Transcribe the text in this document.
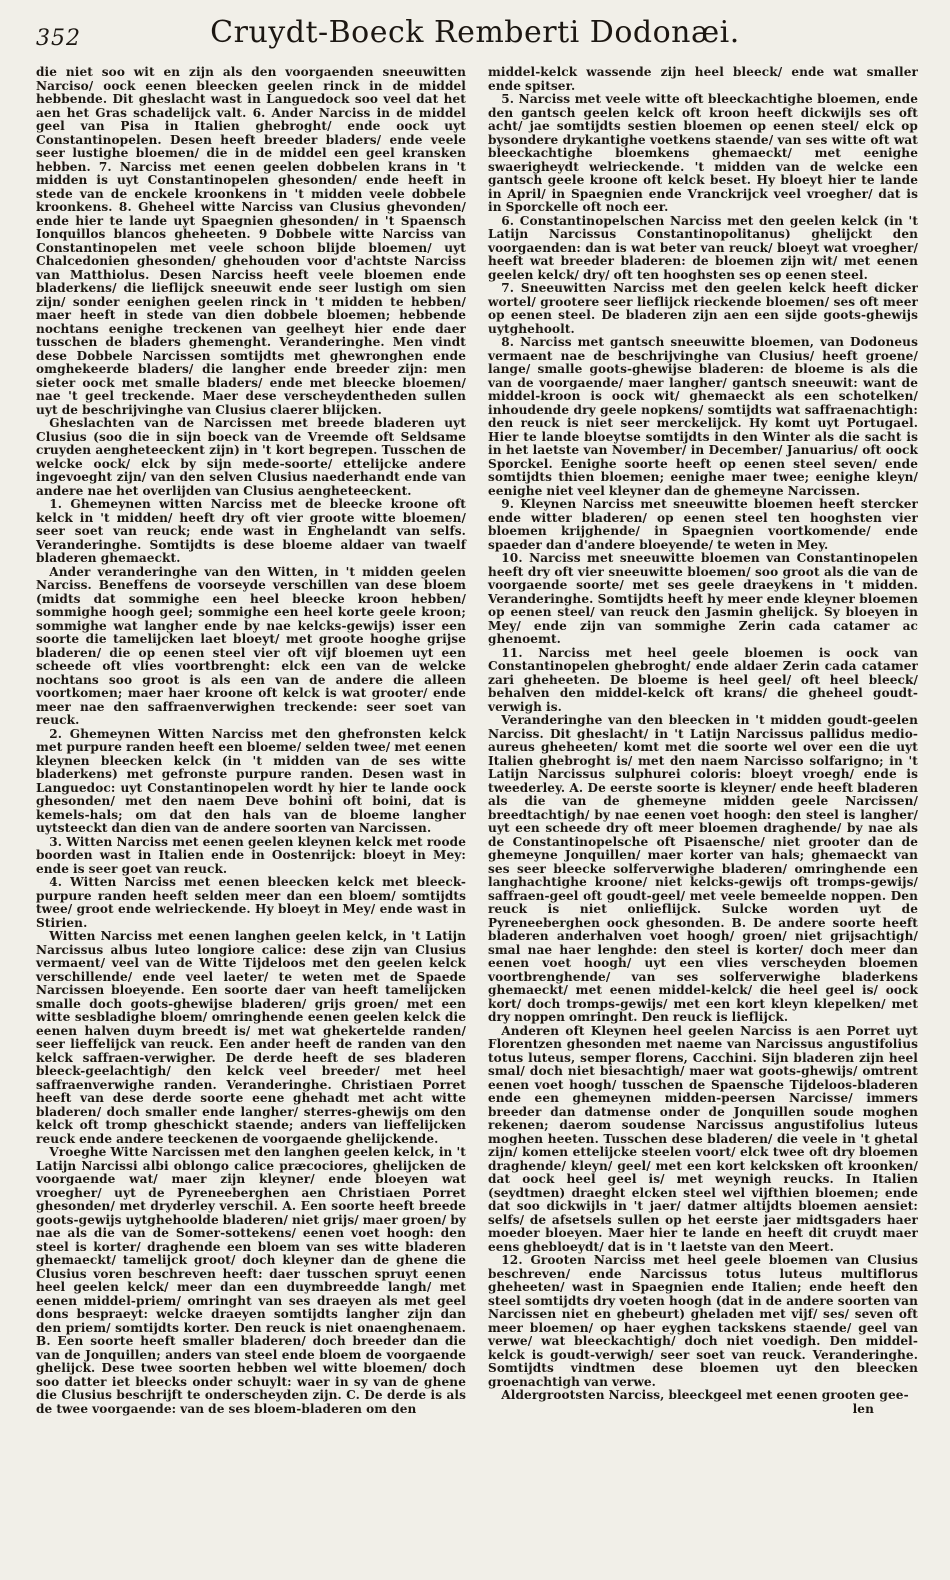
352	Cruydt-Boeck Remberti Dodonæi.

die niet soo wit en zijn als den voorgaenden sneeuwitten Narciso/ oock eenen bleecken geelen rinck in de middel hebbende. Dit gheslacht wast in Languedock soo veel dat het aen het Gras schadelijck valt. 6. Ander Narciss in de middel geel van Pisa in Italien ghebroght/ ende oock uyt Constantinopelen. Desen heeft breeder bladers/ ende veele seer lustighe bloemen/ die in de middel een geel kransken hebben. 7. Narciss met eenen geelen dobbelen krans in 't midden is uyt Constantinopelen ghesonden/ ende heeft in stede van de enckele kroonkens in 't midden veele dobbele kroonkens. 8. Gheheel witte Narciss van Clusius ghevonden/ ende hier te lande uyt Spaegnien ghesonden/ in 't Spaensch Ionquillos blancos gheheeten. 9 Dobbele witte Narciss van Constantinopelen met veele schoon blijde bloemen/ uyt Chalcedonien ghesonden/ ghehouden voor d'achtste Narciss van Matthiolus. Desen Narciss heeft veele bloemen ende bladerkens/ die lieflijck sneeuwit ende seer lustigh om sien zijn/ sonder eenighen geelen rinck in 't midden te hebben/ maer heeft in stede van dien dobbele bloemen; hebbende nochtans eenighe treckenen van geelheyt hier ende daer tusschen de bladers ghemenght. Veranderinghe. Men vindt dese Dobbele Narcissen somtijdts met ghewronghen ende omghekeerde bladers/ die langher ende breeder zijn: men sieter oock met smalle bladers/ ende met bleecke bloemen/ nae 't geel treckende. Maer dese verscheydentheden sullen uyt de beschrijvinghe van Clusius claerer blijcken.

Gheslachten van de Narcissen met breede bladeren uyt Clusius (soo die in sijn boeck van de Vreemde oft Seldsame cruyden aengheteeckent zijn) in 't kort begrepen. Tusschen de welcke oock/ elck by sijn mede-soorte/ ettelijcke andere ingevoeght zijn/ van den selven Clusius naederhandt ende van andere nae het overlijden van Clusius aengheteeckent.

1. Ghemeynen witten Narciss met de bleecke kroone oft kelck in 't midden/ heeft dry oft vier groote witte bloemen/ seer soet van reuck; ende wast in Enghelandt van selfs. Veranderinghe. Somtijdts is dese bloeme aldaer van twaelf bladeren ghemaeckt.

Ander veranderinghe van den Witten, in 't midden geelen Narciss. Beneffens de voorseyde verschillen van dese bloem (midts dat sommighe een heel bleecke kroon hebben/ sommighe hoogh geel; sommighe een heel korte geele kroon; sommighe wat langher ende by nae kelcks-gewijs) isser een soorte die tamelijcken laet bloeyt/ met groote hooghe grijse bladeren/ die op eenen steel vier oft vijf bloemen uyt een scheede oft vlies voortbrenght: elck een van de welcke nochtans soo groot is als een van de andere die alleen voortkomen; maer haer kroone oft kelck is wat grooter/ ende meer nae den saffraenverwighen treckende: seer soet van reuck.

2. Ghemeynen Witten Narciss met den ghefronsten kelck met purpure randen heeft een bloeme/ selden twee/ met eenen kleynen bleecken kelck (in 't midden van de ses witte bladerkens) met gefronste purpure randen. Desen wast in Languedoc: uyt Constantinopelen wordt hy hier te lande oock ghesonden/ met den naem Deve bohini oft boini, dat is kemels-hals; om dat den hals van de bloeme langher uytsteeckt dan dien van de andere soorten van Narcissen.

3. Witten Narciss met eenen geelen kleynen kelck met roode boorden wast in Italien ende in Oostenrijck: bloeyt in Mey: ende is seer goet van reuck.

4. Witten Narciss met eenen bleecken kelck met bleeck-purpure randen heeft selden meer dan een bloem/ somtijdts twee/ groot ende welrieckende. Hy bloeyt in Mey/ ende wast in Stirien.

Witten Narciss met eenen langhen geelen kelck, in 't Latijn Narcissus albus luteo longiore calice: dese zijn van Clusius vermaent/ veel van de Witte Tijdeloos met den geelen kelck verschillende/ ende veel laeter/ te weten met de Spaede Narcissen bloeyende. Een soorte daer van heeft tamelijcken smalle doch goots-ghewijse bladeren/ grijs groen/ met een witte sesbladighe bloem/ omringhende eenen geelen kelck die eenen halven duym breedt is/ met wat ghekertelde randen/ seer lieffelijck van reuck. Een ander heeft de randen van den kelck saffraen-verwigher. De derde heeft de ses bladeren bleeck-geelachtigh/ den kelck veel breeder/ met heel saffraenverwighe randen. Veranderinghe. Christiaen Porret heeft van dese derde soorte eene ghehadt met acht witte bladeren/ doch smaller ende langher/ sterres-ghewijs om den kelck oft tromp gheschickt staende; anders van lieffelijcken reuck ende andere teeckenen de voorgaende ghelijckende.

Vroeghe Witte Narcissen met den langhen geelen kelck, in 't Latijn Narcissi albi oblongo calice præcociores, ghelijcken de voorgaende wat/ maer zijn kleyner/ ende bloeyen wat vroegher/ uyt de Pyreneeberghen aen Christiaen Porret ghesonden/ met dryderley verschil. A. Een soorte heeft breede goots-gewijs uytghehoolde bladeren/ niet grijs/ maer groen/ by nae als die van de Somer-sottekens/ eenen voet hoogh: den steel is korter/ draghende een bloem van ses witte bladeren ghemaeckt/ tamelijck groot/ doch kleyner dan de ghene die Clusius voren beschreven heeft: daer tusschen spruyt eenen heel geelen kelck/ meer dan een duymbreedde langh/ met eenen middel-priem/ omringht van ses draeyen als met geel dons bespraeyt: welcke draeyen somtijdts langher zijn dan den priem/ somtijdts korter. Den reuck is niet onaenghenaem. B. Een soorte heeft smaller bladeren/ doch breeder dan die van de Jonquillen; anders van steel ende bloem de voorgaende ghelijck. Dese twee soorten hebben wel witte bloemen/ doch soo datter iet bleecks onder schuylt: waer in sy van de ghene die Clusius beschrijft te onderscheyden zijn. C. De derde is als de twee voorgaende: van de ses bloem-bladeren om den

middel-kelck wassende zijn heel bleeck/ ende wat smaller ende spitser.

5. Narciss met veele witte oft bleeckachtighe bloemen, ende den gantsch geelen kelck oft kroon heeft dickwijls ses oft acht/ jae somtijdts sestien bloemen op eenen steel/ elck op bysondere drykantighe voetkens staende/ van ses witte oft wat bleeckachtighe bloemkens ghemaeckt/ met eenighe swaerigheydt welrieckende. 't midden van de welcke een gantsch geele kroone oft kelck beset. Hy bloeyt hier te lande in April/ in Spaegnien ende Vranckrijck veel vroegher/ dat is in Sporckelle oft noch eer.

6. Constantinopelschen Narciss met den geelen kelck (in 't Latijn Narcissus Constantinopolitanus) ghelijckt den voorgaenden: dan is wat beter van reuck/ bloeyt wat vroegher/ heeft wat breeder bladeren: de bloemen zijn wit/ met eenen geelen kelck/ dry/ oft ten hooghsten ses op eenen steel.

7. Sneeuwitten Narciss met den geelen kelck heeft dicker wortel/ grootere seer lieflijck rieckende bloemen/ ses oft meer op eenen steel. De bladeren zijn aen een sijde goots-ghewijs uytghehoolt.

8. Narciss met gantsch sneeuwitte bloemen, van Dodoneus vermaent nae de beschrijvinghe van Clusius/ heeft groene/ lange/ smalle goots-ghewijse bladeren: de bloeme is als die van de voorgaende/ maer langher/ gantsch sneeuwit: want de middel-kroon is oock wit/ ghemaeckt als een schotelken/ inhoudende dry geele nopkens/ somtijdts wat saffraenachtigh: den reuck is niet seer merckelijck. Hy komt uyt Portugael. Hier te lande bloeytse somtijdts in den Winter als die sacht is in het laetste van November/ in December/ Januarius/ oft oock Sporckel. Eenighe soorte heeft op eenen steel seven/ ende somtijdts thien bloemen; eenighe maer twee; eenighe kleyn/ eenighe niet veel kleyner dan de ghemeyne Narcissen.

9. Kleynen Narciss met sneeuwitte bloemen heeft stercker ende witter bladeren/ op eenen steel ten hooghsten vier bloemen krijghende/ in Spaegnien voortkomende/ ende spaeder dan d'andere bloeyende/ te weten in Mey.

10. Narciss met sneeuwitte bloemen van Constantinopelen heeft dry oft vier sneeuwitte bloemen/ soo groot als die van de voorgaende soorte/ met ses geele draeykens in 't midden. Veranderinghe. Somtijdts heeft hy meer ende kleyner bloemen op eenen steel/ van reuck den Jasmin ghelijck. Sy bloeyen in Mey/ ende zijn van sommighe Zerin cada catamer ac ghenoemt.

11. Narciss met heel geele bloemen is oock van Constantinopelen ghebroght/ ende aldaer Zerin cada catamer zari gheheeten. De bloeme is heel geel/ oft heel bleeck/ behalven den middel-kelck oft krans/ die gheheel goudt-verwigh is.

Veranderinghe van den bleecken in 't midden goudt-geelen Narciss. Dit gheslacht/ in 't Latijn Narcissus pallidus medio-aureus gheheeten/ komt met die soorte wel over een die uyt Italien ghebroght is/ met den naem Narcisso solfarigno; in 't Latijn Narcissus sulphurei coloris: bloeyt vroegh/ ende is tweederley. A. De eerste soorte is kleyner/ ende heeft bladeren als die van de ghemeyne midden geele Narcissen/ breedtachtigh/ by nae eenen voet hoogh: den steel is langher/ uyt een scheede dry oft meer bloemen draghende/ by nae als de Constantinopelsche oft Pisaensche/ niet grooter dan de ghemeyne Jonquillen/ maer korter van hals; ghemaeckt van ses seer bleecke solferverwighe bladeren/ omringhende een langhachtighe kroone/ niet kelcks-gewijs oft tromps-gewijs/ saffraen-geel oft goudt-geel/ met veele bemeelde noppen. Den reuck is niet onlieflijck. Sulcke worden uyt de Pyreneeberghen oock ghesonden. B. De andere soorte heeft bladeren anderhalven voet hoogh/ groen/ niet grijsachtigh/ smal nae haer lenghde: den steel is korter/ doch meer dan eenen voet hoogh/ uyt een vlies verscheyden bloemen voortbrenghende/ van ses solferverwighe bladerkens ghemaeckt/ met eenen middel-kelck/ die heel geel is/ oock kort/ doch tromps-gewijs/ met een kort kleyn klepelken/ met dry noppen omringht. Den reuck is lieflijck.

Anderen oft Kleynen heel geelen Narciss is aen Porret uyt Florentzen ghesonden met naeme van Narcissus angustifolius totus luteus, semper florens, Cacchini. Sijn bladeren zijn heel smal/ doch niet biesachtigh/ maer wat goots-ghewijs/ omtrent eenen voet hoogh/ tusschen de Spaensche Tijdeloos-bladeren ende een ghemeynen midden-peersen Narcisse/ immers breeder dan datmense onder de Jonquillen soude moghen rekenen; daerom soudense Narcissus angustifolius luteus moghen heeten. Tusschen dese bladeren/ die veele in 't ghetal zijn/ komen ettelijcke steelen voort/ elck twee oft dry bloemen draghende/ kleyn/ geel/ met een kort kelcksken oft kroonken/ dat oock heel geel is/ met weynigh reucks. In Italien (seydtmen) draeght elcken steel wel vijfthien bloemen; ende dat soo dickwijls in 't jaer/ datmer altijdts bloemen aensiet: selfs/ de afsetsels sullen op het eerste jaer midtsgaders haer moeder bloeyen. Maer hier te lande en heeft dit cruydt maer eens ghebloeydt/ dat is in 't laetste van den Meert.

12. Grooten Narciss met heel geele bloemen van Clusius beschreven/ ende Narcissus totus luteus multiflorus gheheeten/ wast in Spaegnien ende Italien; ende heeft den steel somtijdts dry voeten hoogh (dat in de andere soorten van Narcissen niet en ghebeurt) gheladen met vijf/ ses/ seven oft meer bloemen/ op haer eyghen tackskens staende/ geel van verwe/ wat bleeckachtigh/ doch niet voedigh. Den middel-kelck is goudt-verwigh/ seer soet van reuck. Veranderinghe. Somtijdts vindtmen dese bloemen uyt den bleecken groenachtigh van verwe.

Aldergrootsten Narciss, bleeckgeel met eenen grooten gee-

len
